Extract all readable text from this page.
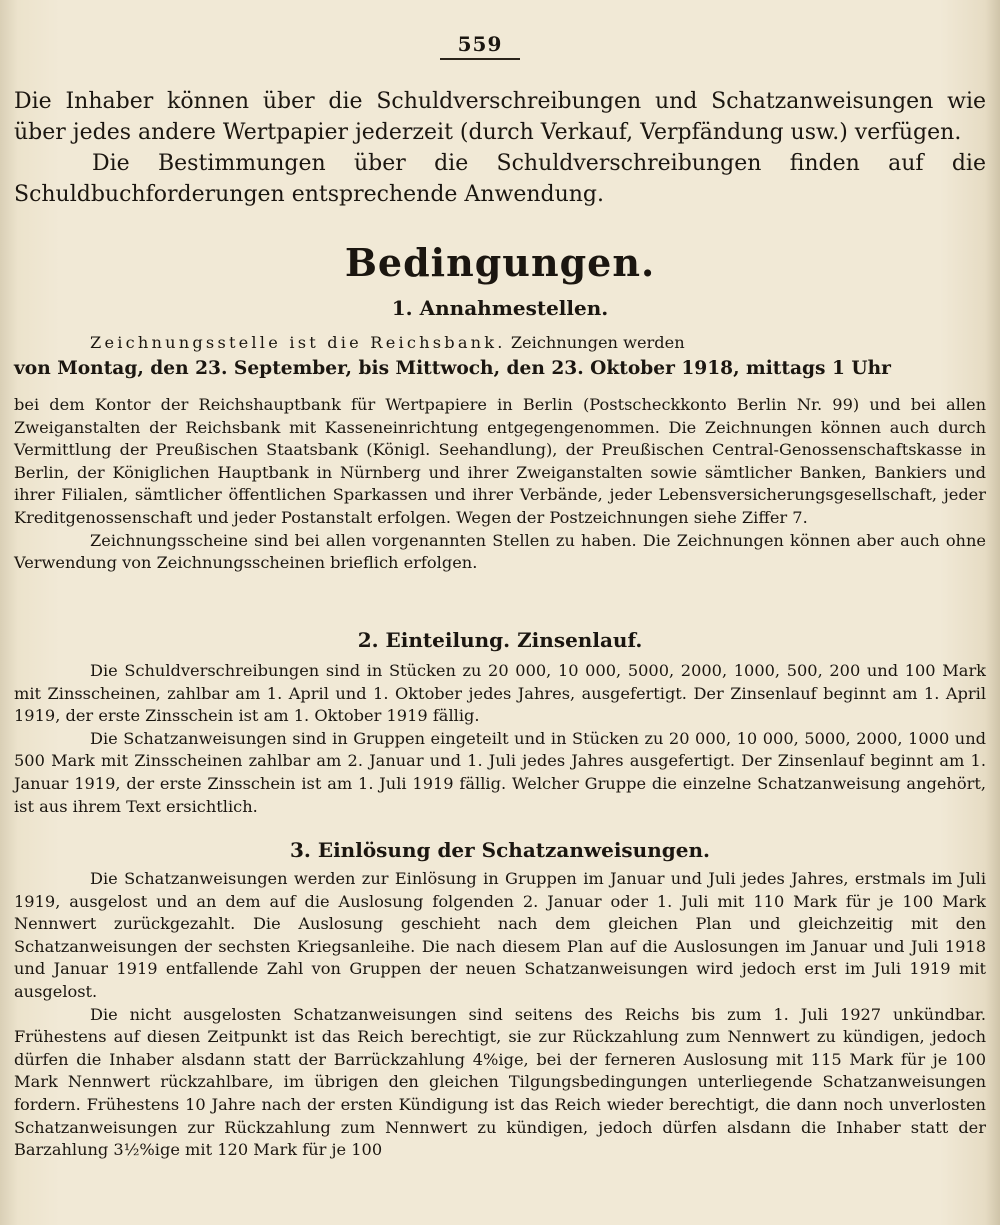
559

Die Inhaber können über die Schuldverschreibungen und Schatzanweisungen wie über jedes andere Wertpapier jederzeit (durch Verkauf, Verpfändung usw.) verfügen.

Die Bestimmungen über die Schuldverschreibungen finden auf die Schuldbuchforderungen entsprechende Anwendung.

Bedingungen.
1. Annahmestellen.
Zeichnungsstelle ist die Reichsbank. Zeichnungen werden
von Montag, den 23. September, bis Mittwoch, den 23. Oktober 1918, mittags 1 Uhr

bei dem Kontor der Reichshauptbank für Wertpapiere in Berlin (Postscheckkonto Berlin Nr. 99) und bei allen Zweiganstalten der Reichsbank mit Kasseneinrichtung entgegengenommen. Die Zeichnungen können auch durch Vermittlung der Preußischen Staatsbank (Königl. Seehandlung), der Preußischen Central-Genossenschaftskasse in Berlin, der Königlichen Hauptbank in Nürnberg und ihrer Zweiganstalten sowie sämtlicher Banken, Bankiers und ihrer Filialen, sämtlicher öffentlichen Sparkassen und ihrer Verbände, jeder Lebensversicherungsgesellschaft, jeder Kreditgenossenschaft und jeder Postanstalt erfolgen. Wegen der Postzeichnungen siehe Ziffer 7.

Zeichnungsscheine sind bei allen vorgenannten Stellen zu haben. Die Zeichnungen können aber auch ohne Verwendung von Zeichnungsscheinen brieflich erfolgen.

2. Einteilung. Zinsenlauf.

Die Schuldverschreibungen sind in Stücken zu 20 000, 10 000, 5000, 2000, 1000, 500, 200 und 100 Mark mit Zinsscheinen, zahlbar am 1. April und 1. Oktober jedes Jahres, ausgefertigt. Der Zinsenlauf beginnt am 1. April 1919, der erste Zinsschein ist am 1. Oktober 1919 fällig.

Die Schatzanweisungen sind in Gruppen eingeteilt und in Stücken zu 20 000, 10 000, 5000, 2000, 1000 und 500 Mark mit Zinsscheinen zahlbar am 2. Januar und 1. Juli jedes Jahres ausgefertigt. Der Zinsenlauf beginnt am 1. Januar 1919, der erste Zinsschein ist am 1. Juli 1919 fällig. Welcher Gruppe die einzelne Schatzanweisung angehört, ist aus ihrem Text ersichtlich.

3. Einlösung der Schatzanweisungen.

Die Schatzanweisungen werden zur Einlösung in Gruppen im Januar und Juli jedes Jahres, erstmals im Juli 1919, ausgelost und an dem auf die Auslosung folgenden 2. Januar oder 1. Juli mit 110 Mark für je 100 Mark Nennwert zurückgezahlt. Die Auslosung geschieht nach dem gleichen Plan und gleichzeitig mit den Schatzanweisungen der sechsten Kriegsanleihe. Die nach diesem Plan auf die Auslosungen im Januar und Juli 1918 und Januar 1919 entfallende Zahl von Gruppen der neuen Schatzanweisungen wird jedoch erst im Juli 1919 mit ausgelost.

Die nicht ausgelosten Schatzanweisungen sind seitens des Reichs bis zum 1. Juli 1927 unkündbar. Frühestens auf diesen Zeitpunkt ist das Reich berechtigt, sie zur Rückzahlung zum Nennwert zu kündigen, jedoch dürfen die Inhaber alsdann statt der Barrückzahlung 4%ige, bei der ferneren Auslosung mit 115 Mark für je 100 Mark Nennwert rückzahlbare, im übrigen den gleichen Tilgungsbedingungen unterliegende Schatzanweisungen fordern. Frühestens 10 Jahre nach der ersten Kündigung ist das Reich wieder berechtigt, die dann noch unverlosten Schatzanweisungen zur Rückzahlung zum Nennwert zu kündigen, jedoch dürfen alsdann die Inhaber statt der Barzahlung 3½%ige mit 120 Mark für je 100
